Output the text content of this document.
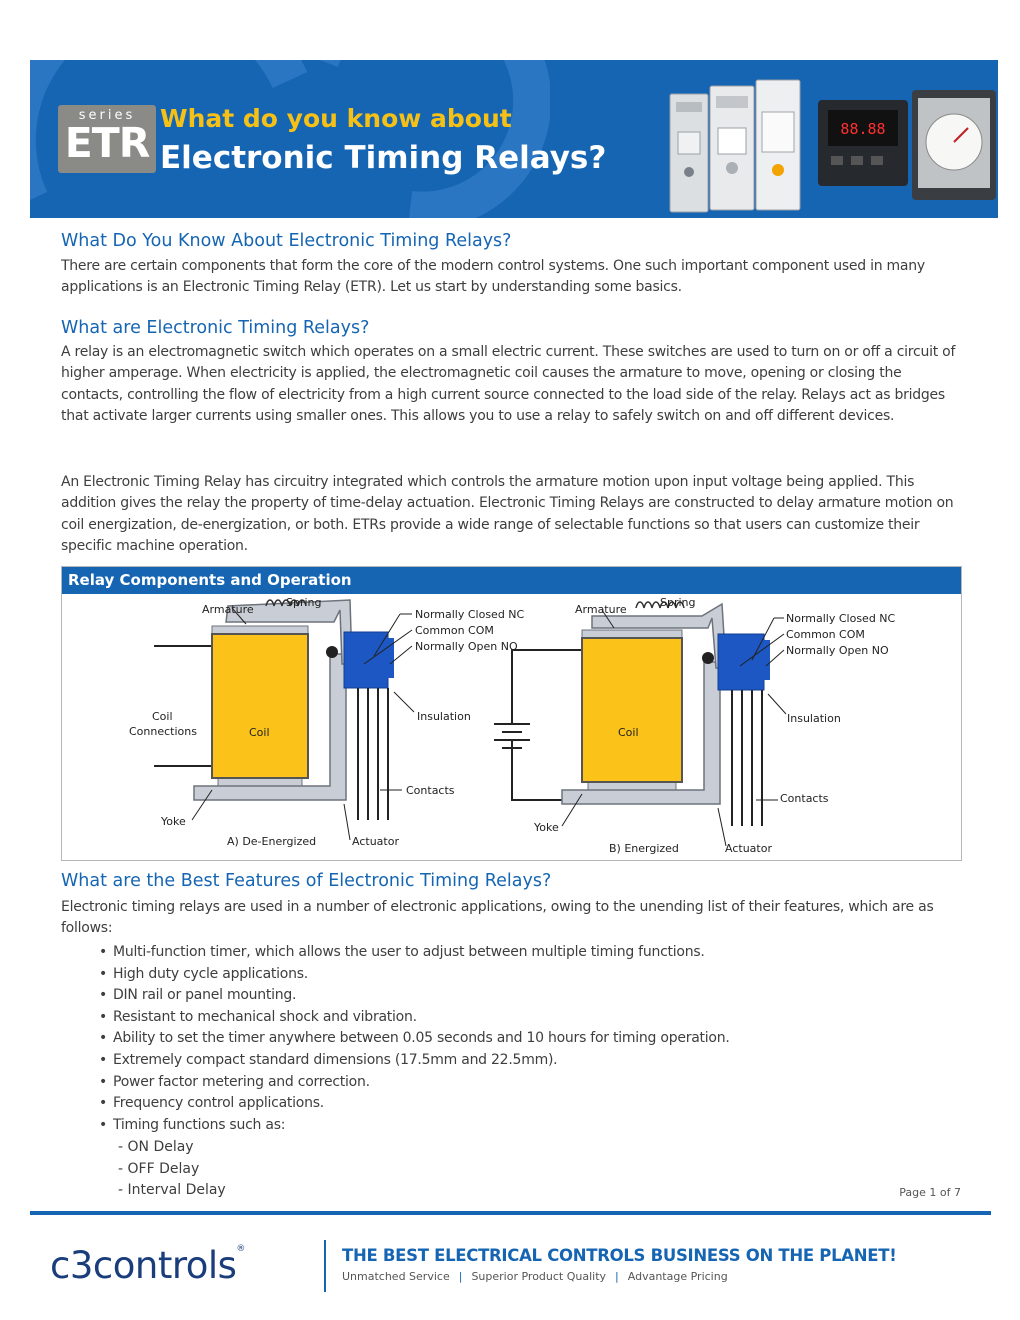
series
ETR
What do you know about
Electronic Timing Relays?
88.88
What Do You Know About Electronic Timing Relays?

There are certain components that form the core of the modern control systems. One such important component used in many applications is an Electronic Timing Relay (ETR). Let us start by understanding some basics.

What are Electronic Timing Relays?

A relay is an electromagnetic switch which operates on a small electric current. These switches are used to turn on or off a circuit of higher amperage. When electricity is applied, the electromagnetic coil causes the armature to move, opening or closing the contacts, controlling the flow of electricity from a high current source connected to the load side of the relay. Relays act as bridges that activate larger currents using smaller ones. This allows you to use a relay to safely switch on and off different devices.

An Electronic Timing Relay has circuitry integrated which controls the armature motion upon input voltage being applied. This addition gives the relay the property of time-delay actuation. Electronic Timing Relays are constructed to delay armature motion on coil energization, de-energization, or both. ETRs provide a wide range of selectable functions so that users can customize their specific machine operation.

Relay Components and Operation
Armature
Spring
Normally Closed NC
Common COM
Normally Open NO
Coil
Connections	Coil
Insulation
Contacts
Yoke
A) De-Energized	Actuator
Armature
Spring
Normally Closed NC
Common COM
Normally Open NO
Coil
Insulation
Contacts
Yoke
B) Energized	Actuator
What are the Best Features of Electronic Timing Relays?

Electronic timing relays are used in a number of electronic applications, owing to the unending list of their features, which are as follows:

• Multi-function timer, which allows the user to adjust between multiple timing functions.
• High duty cycle applications.
• DIN rail or panel mounting.
• Resistant to mechanical shock and vibration.
• Ability to set the timer anywhere between 0.05 seconds and 10 hours for timing operation.
• Extremely compact standard dimensions (17.5mm and 22.5mm).
• Power factor metering and correction.
• Frequency control applications.
• Timing functions such as:
- ON Delay
- OFF Delay
- Interval Delay	Page 1 of 7
c3controls®	THE BEST ELECTRICAL CONTROLS BUSINESS ON THE PLANET!
Unmatched Service | Superior Product Quality | Advantage Pricing
